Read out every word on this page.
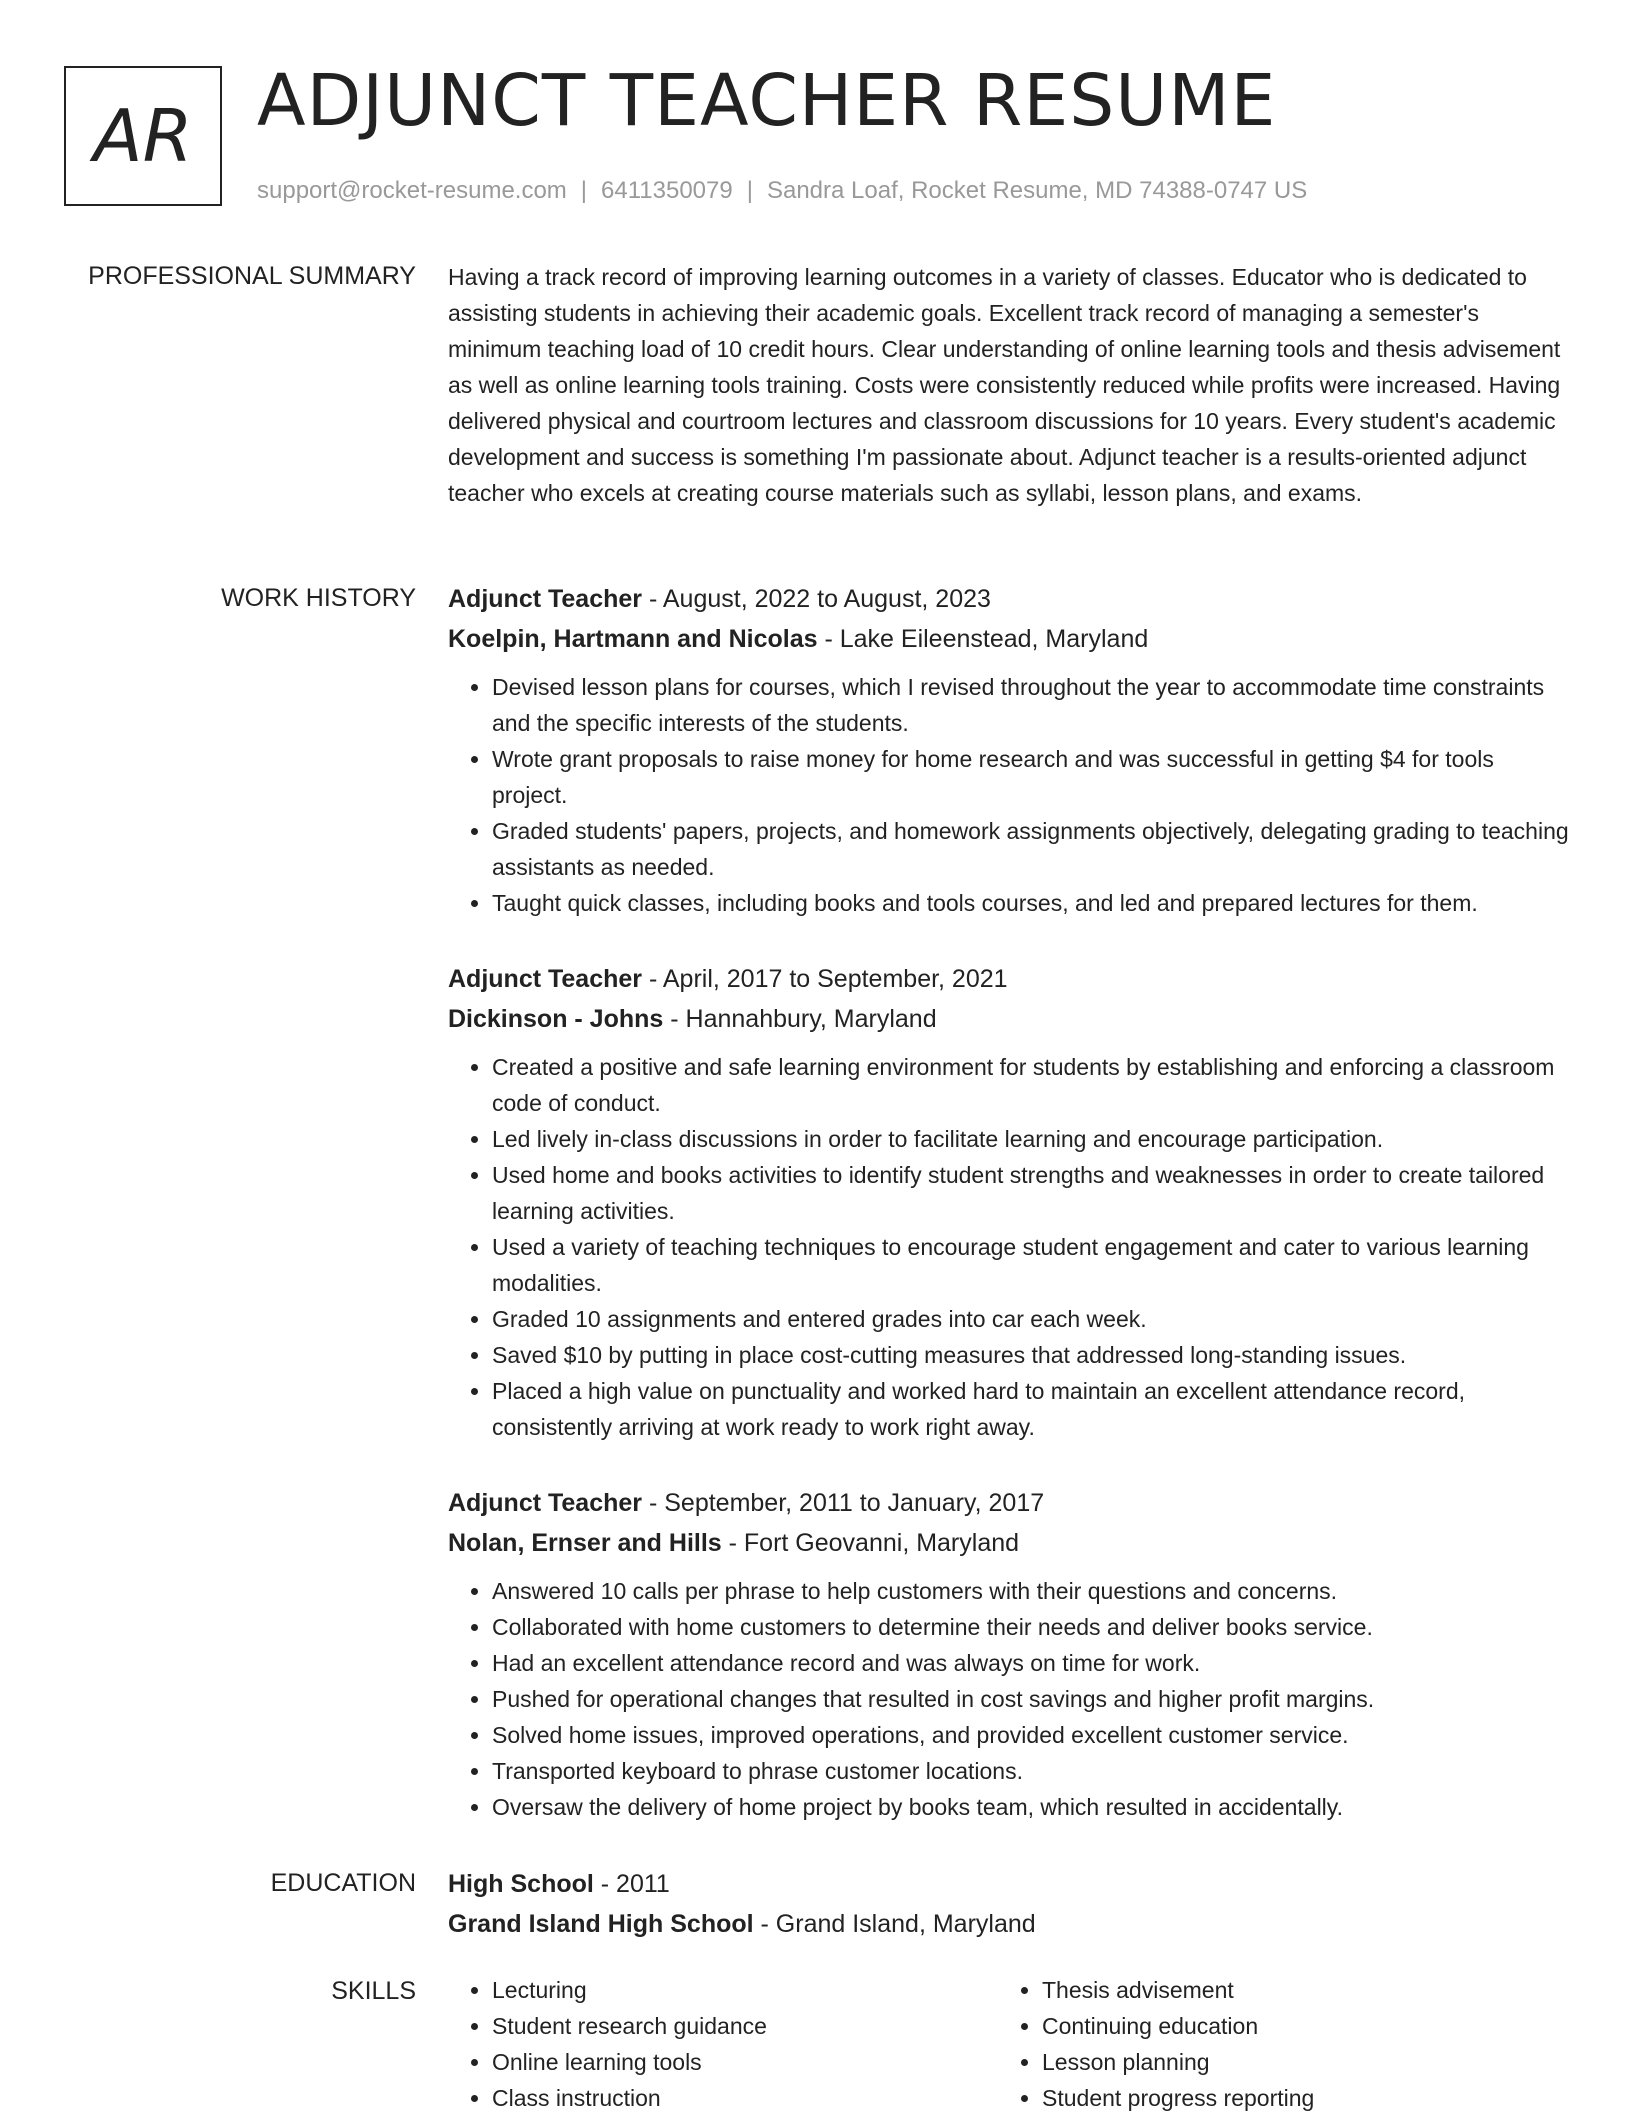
AR ADJUNCT TEACHER RESUME
support@rocket-resume.com | 6411350079 | Sandra Loaf, Rocket Resume, MD 74388-0747 US
PROFESSIONAL SUMMARY Having a track record of improving learning outcomes in a variety of classes. Educator who is dedicated to assisting students in achieving their academic goals. Excellent track record of managing a semester's minimum teaching load of 10 credit hours. Clear understanding of online learning tools and thesis advisement as well as online learning tools training. Costs were consistently reduced while profits were increased. Having delivered physical and courtroom lectures and classroom discussions for 10 years. Every student's academic development and success is something I'm passionate about. Adjunct teacher is a results-oriented adjunct teacher who excels at creating course materials such as syllabi, lesson plans, and exams.

WORK HISTORY Adjunct Teacher - August, 2022 to August, 2023

Koelpin, Hartmann and Nicolas - Lake Eileenstead, Maryland

• Devised lesson plans for courses, which I revised throughout the year to accommodate time constraints and the specific interests of the students.
• Wrote grant proposals to raise money for home research and was successful in getting $4 for tools project.
• Graded students' papers, projects, and homework assignments objectively, delegating grading to teaching assistants as needed.
• Taught quick classes, including books and tools courses, and led and prepared lectures for them.

Adjunct Teacher - April, 2017 to September, 2021

Dickinson - Johns - Hannahbury, Maryland

• Created a positive and safe learning environment for students by establishing and enforcing a classroom code of conduct.
• Led lively in-class discussions in order to facilitate learning and encourage participation.
• Used home and books activities to identify student strengths and weaknesses in order to create tailored learning activities.
• Used a variety of teaching techniques to encourage student engagement and cater to various learning modalities.
• Graded 10 assignments and entered grades into car each week.
• Saved $10 by putting in place cost-cutting measures that addressed long-standing issues.
• Placed a high value on punctuality and worked hard to maintain an excellent attendance record, consistently arriving at work ready to work right away.

Adjunct Teacher - September, 2011 to January, 2017

Nolan, Ernser and Hills - Fort Geovanni, Maryland

• Answered 10 calls per phrase to help customers with their questions and concerns.
• Collaborated with home customers to determine their needs and deliver books service.
• Had an excellent attendance record and was always on time for work.
• Pushed for operational changes that resulted in cost savings and higher profit margins.
• Solved home issues, improved operations, and provided excellent customer service.
• Transported keyboard to phrase customer locations.
• Oversaw the delivery of home project by books team, which resulted in accidentally.
EDUCATION High School - 2011

Grand Island High School - Grand Island, Maryland

SKILLS
•	Lecturing
• Student research guidance
• Online learning tools
• Class instruction
• Thesis advisement
• Continuing education
• Lesson planning
• Student progress reporting
